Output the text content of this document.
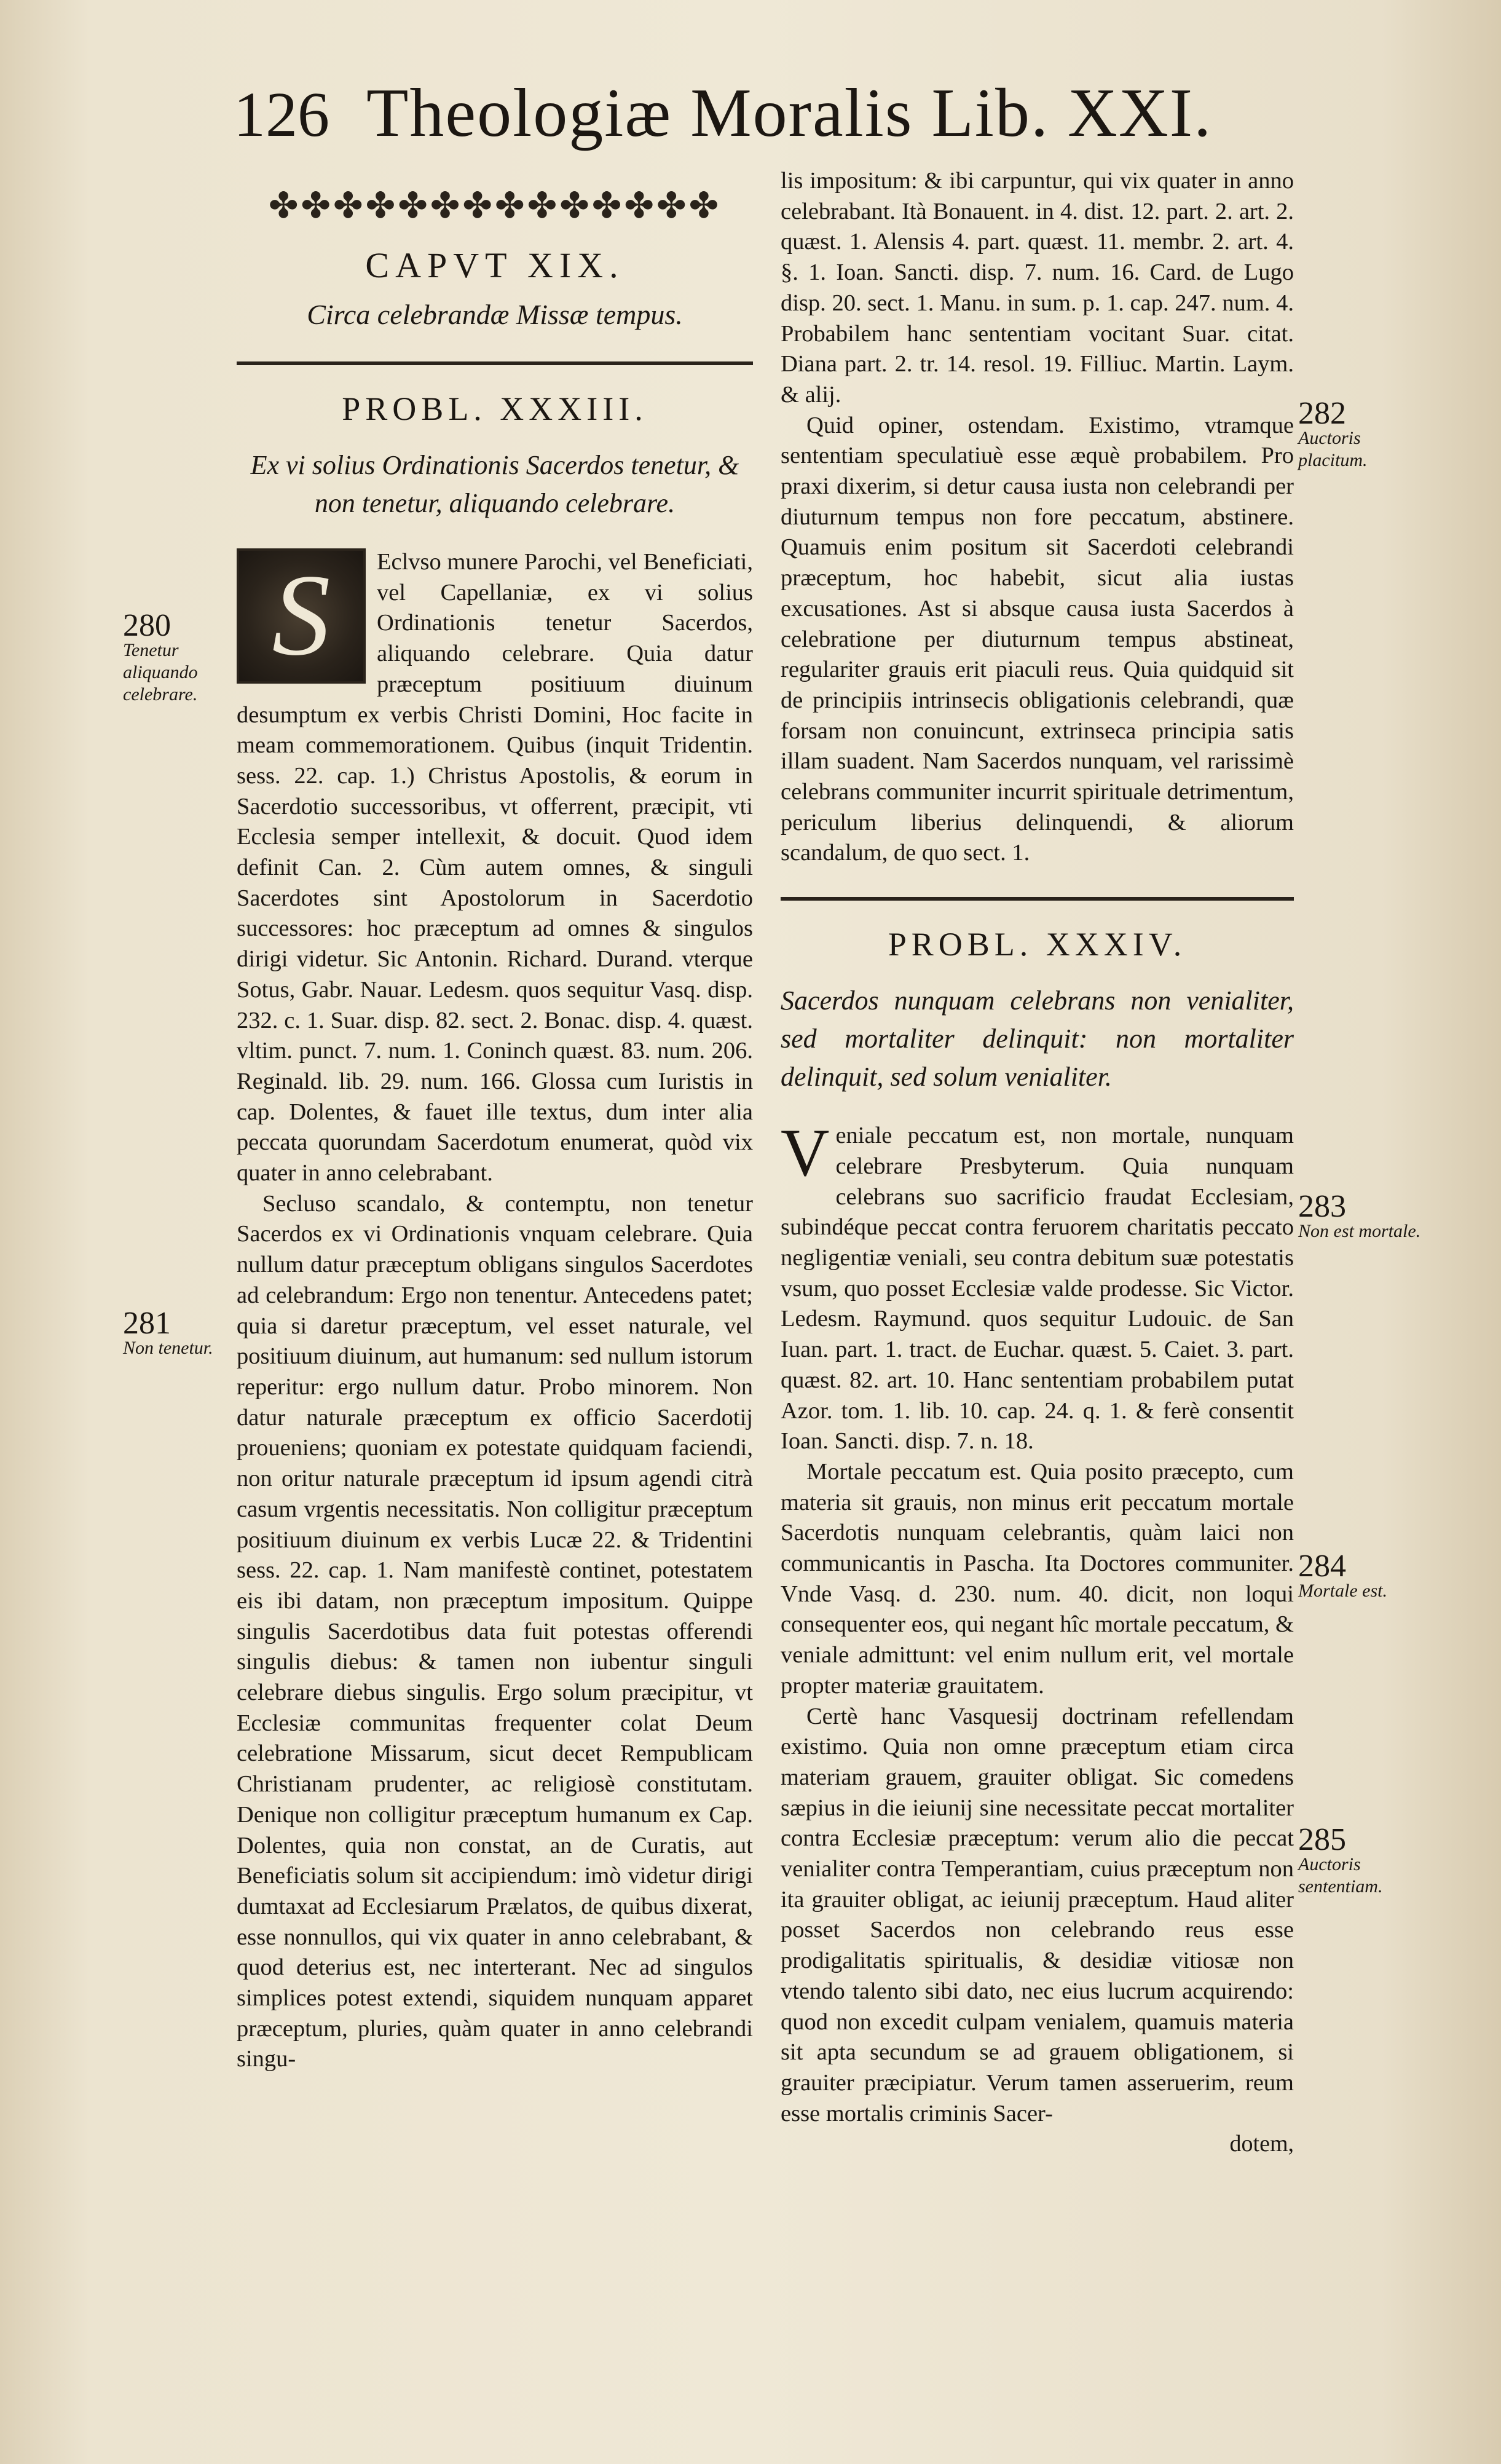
126 Theologiæ Moralis Lib. XXI.
✤✤✤✤✤✤✤✤✤✤✤✤✤✤
CAPVT XIX.
Circa celebrandæ Missæ tempus.
PROBL. XXXIII.
Ex vi solius Ordinationis Sacerdos tenetur, & non tenetur, aliquando celebrare.
S	Eclvso munere Parochi, vel Beneficiati, vel Capellaniæ, ex vi solius Ordinationis tenetur Sacerdos, aliquando celebrare. Quia datur præceptum positiuum diuinum desumptum ex verbis Christi Domini, Hoc facite in meam commemorationem. Quibus (inquit Tridentin. sess. 22. cap. 1.) Christus Apostolis, & eorum in Sacerdotio successoribus, vt offerrent, præcipit, vti Ecclesia semper intellexit, & docuit. Quod idem definit Can. 2. Cùm autem omnes, & singuli Sacerdotes sint Apostolorum in Sacerdotio successores: hoc præceptum ad omnes & singulos dirigi videtur. Sic Antonin. Richard. Durand. vterque Sotus, Gabr. Nauar. Ledesm. quos sequitur Vasq. disp. 232. c. 1. Suar. disp. 82. sect. 2. Bonac. disp. 4. quæst. vltim. punct. 7. num. 1. Coninch quæst. 83. num. 206. Reginald. lib. 29. num. 166. Glossa cum Iuristis in cap. Dolentes, & fauet ille textus, dum inter alia peccata quorundam Sacerdotum enumerat, quòd vix quater in anno celebrabant.

Secluso scandalo, & contemptu, non tenetur Sacerdos ex vi Ordinationis vnquam celebrare. Quia nullum datur præceptum obligans singulos Sacerdotes ad celebrandum: Ergo non tenentur. Antecedens patet; quia si daretur præceptum, vel esset naturale, vel positiuum diuinum, aut humanum: sed nullum istorum reperitur: ergo nullum datur. Probo minorem. Non datur naturale præceptum ex officio Sacerdotij proueniens; quoniam ex potestate quidquam faciendi, non oritur naturale præceptum id ipsum agendi citrà casum vrgentis necessitatis. Non colligitur præceptum positiuum diuinum ex verbis Lucæ 22. & Tridentini sess. 22. cap. 1. Nam manifestè continet, potestatem eis ibi datam, non præceptum impositum. Quippe singulis Sacerdotibus data fuit potestas offerendi singulis diebus: & tamen non iubentur singuli celebrare diebus singulis. Ergo solum præcipitur, vt Ecclesiæ communitas frequenter colat Deum celebratione Missarum, sicut decet Rempublicam Christianam prudenter, ac religiosè constitutam. Denique non colligitur præceptum humanum ex Cap. Dolentes, quia non constat, an de Curatis, aut Beneficiatis solum sit accipiendum: imò videtur dirigi dumtaxat ad Ecclesiarum Prælatos, de quibus dixerat, esse nonnullos, qui vix quater in anno celebrabant, & quod deterius est, nec interterant. Nec ad singulos simplices potest extendi, siquidem nunquam apparet præceptum, pluries, quàm quater in anno celebrandi singu-

lis impositum: & ibi carpuntur, qui vix quater in anno celebrabant. Ità Bonauent. in 4. dist. 12. part. 2. art. 2. quæst. 1. Alensis 4. part. quæst. 11. membr. 2. art. 4. §. 1. Ioan. Sancti. disp. 7. num. 16. Card. de Lugo disp. 20. sect. 1. Manu. in sum. p. 1. cap. 247. num. 4. Probabilem hanc sententiam vocitant Suar. citat. Diana part. 2. tr. 14. resol. 19. Filliuc. Martin. Laym. & alij.

Quid opiner, ostendam. Existimo, vtramque sententiam speculatiuè esse æquè probabilem. Pro praxi dixerim, si detur causa iusta non celebrandi per diuturnum tempus non fore peccatum, abstinere. Quamuis enim positum sit Sacerdoti celebrandi præceptum, hoc habebit, sicut alia iustas excusationes. Ast si absque causa iusta Sacerdos à celebratione per diuturnum tempus abstineat, regulariter grauis erit piaculi reus. Quia quidquid sit de principiis intrinsecis obligationis celebrandi, quæ forsam non conuincunt, extrinseca principia satis illam suadent. Nam Sacerdos nunquam, vel rarissimè celebrans communiter incurrit spirituale detrimentum, periculum liberius delinquendi, & aliorum scandalum, de quo sect. 1.

PROBL. XXXIV.
Sacerdos nunquam celebrans non venialiter, sed mortaliter delinquit: non mortaliter delinquit, sed solum venialiter.

Veniale peccatum est, non mortale, nunquam celebrare Presbyterum. Quia nunquam celebrans suo sacrificio fraudat Ecclesiam, subindéque peccat contra feruorem charitatis peccato negligentiæ veniali, seu contra debitum suæ potestatis vsum, quo posset Ecclesiæ valde prodesse. Sic Victor. Ledesm. Raymund. quos sequitur Ludouic. de San Iuan. part. 1. tract. de Euchar. quæst. 5. Caiet. 3. part. quæst. 82. art. 10. Hanc sententiam probabilem putat Azor. tom. 1. lib. 10. cap. 24. q. 1. & ferè consentit Ioan. Sancti. disp. 7. n. 18.

Mortale peccatum est. Quia posito præcepto, cum materia sit grauis, non minus erit peccatum mortale Sacerdotis nunquam celebrantis, quàm laici non communicantis in Pascha. Ita Doctores communiter. Vnde Vasq. d. 230. num. 40. dicit, non loqui consequenter eos, qui negant hîc mortale peccatum, & veniale admittunt: vel enim nullum erit, vel mortale propter materiæ grauitatem.

Certè hanc Vasquesij doctrinam refellendam existimo. Quia non omne præceptum etiam circa materiam grauem, grauiter obligat. Sic comedens sæpius in die ieiunij sine necessitate peccat mortaliter contra Ecclesiæ præceptum: verum alio die peccat venialiter contra Temperantiam, cuius præceptum non ita grauiter obligat, ac ieiunij præceptum. Haud aliter posset Sacerdos non celebrando reus esse prodigalitatis spiritualis, & desidiæ vitiosæ non vtendo talento sibi dato, nec eius lucrum acquirendo: quod non excedit culpam venialem, quamuis materia sit apta secundum se ad grauem obligationem, si grauiter præcipiatur. Verum tamen asseruerim, reum esse mortalis criminis Sacer-

dotem,
280
Tenetur aliquando celebrare.
281
Non tenetur.
282
Auctoris placitum.
283
Non est mortale.
284
Mortale est.
285
Auctoris sententiam.
